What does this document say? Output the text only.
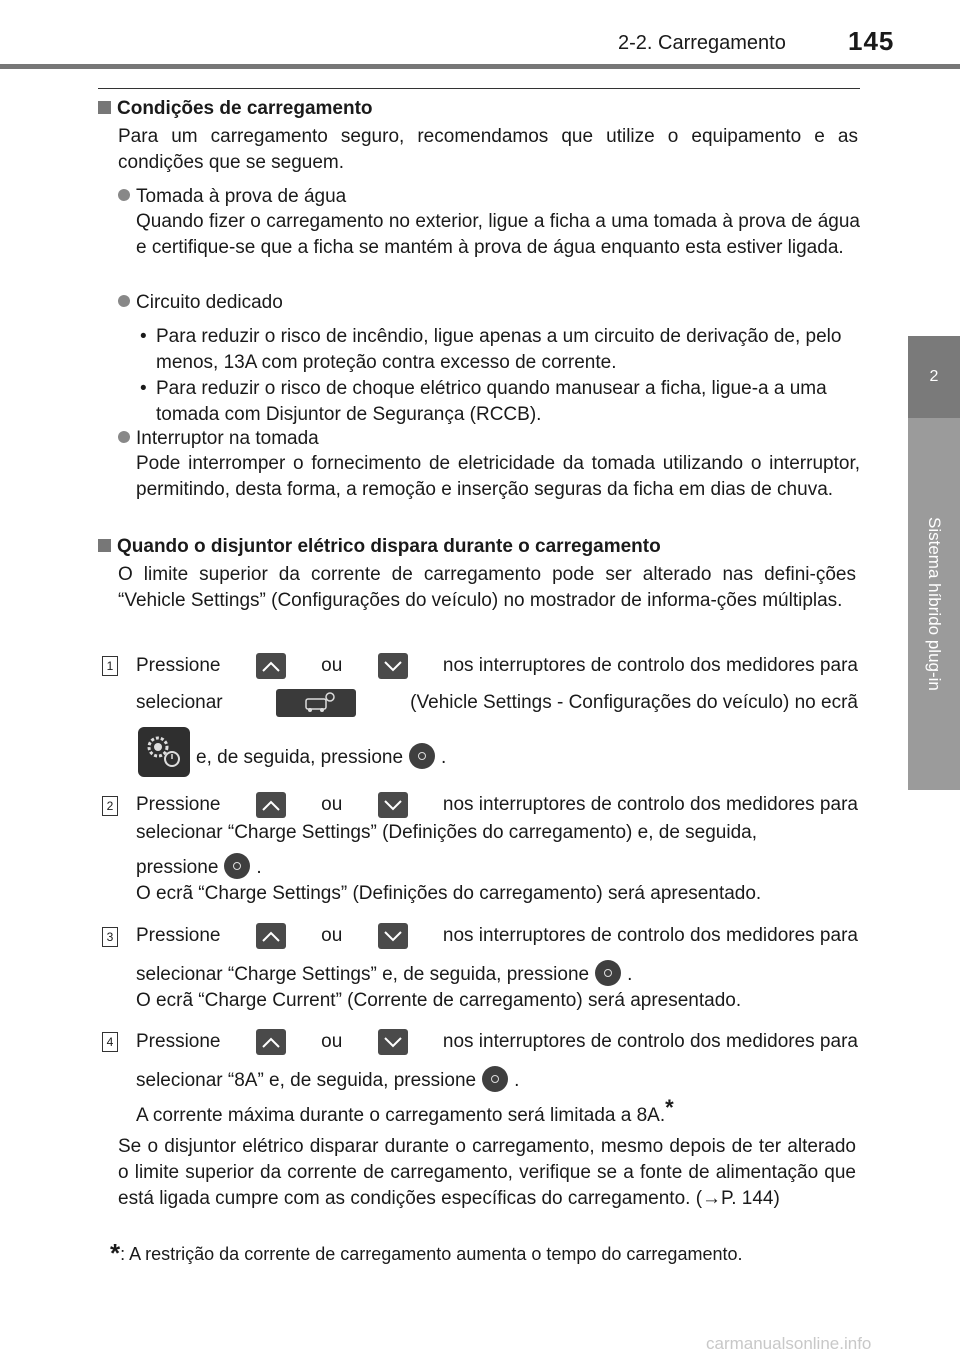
2-2. Carregamento 145
2
Sistema híbrido plug-in
Condições de carregamento
Para um carregamento seguro, recomendamos que utilize o equipamento e as condições que se seguem.
Tomada à prova de água
Quando fizer o carregamento no exterior, ligue a ficha a uma tomada à prova de água e certifique-se que a ficha se mantém à prova de água enquanto esta estiver ligada.
Circuito dedicado
• Para reduzir o risco de incêndio, ligue apenas a um circuito de derivação de, pelo menos, 13A com proteção contra excesso de corrente.
• Para reduzir o risco de choque elétrico quando manusear a ficha, ligue-a a uma tomada com Disjuntor de Segurança (RCCB).
Interruptor na tomada
Pode interromper o fornecimento de eletricidade da tomada utilizando o interruptor, permitindo, desta forma, a remoção e inserção seguras da ficha em dias de chuva.
Quando o disjuntor elétrico dispara durante o carregamento
O limite superior da corrente de carregamento pode ser alterado nas defini-ções “Vehicle Settings” (Configurações do veículo) no mostrador de informa-ções múltiplas.
1 Pressione	ou	nos interruptores de controlo dos medidores para
selecionar	(Vehicle Settings - Configurações do veículo) no ecrã
e, de seguida, pressione .
2 Pressione	ou	nos interruptores de controlo dos medidores para
selecionar “Charge Settings” (Definições do carregamento) e, de seguida,
pressione .
O ecrã “Charge Settings” (Definições do carregamento) será apresentado.
3 Pressione	ou	nos interruptores de controlo dos medidores para
selecionar “Charge Settings” e, de seguida, pressione .
O ecrã “Charge Current” (Corrente de carregamento) será apresentado.
4 Pressione	ou	nos interruptores de controlo dos medidores para
selecionar “8A” e, de seguida, pressione .
A corrente máxima durante o carregamento será limitada a 8A.*
Se o disjuntor elétrico disparar durante o carregamento, mesmo depois de ter alterado o limite superior da corrente de carregamento, verifique se a fonte de alimentação que está ligada cumpre com as condições específicas do carregamento. (→P. 144)
*: A restrição da corrente de carregamento aumenta o tempo do carregamento.
carmanualsonline.info
